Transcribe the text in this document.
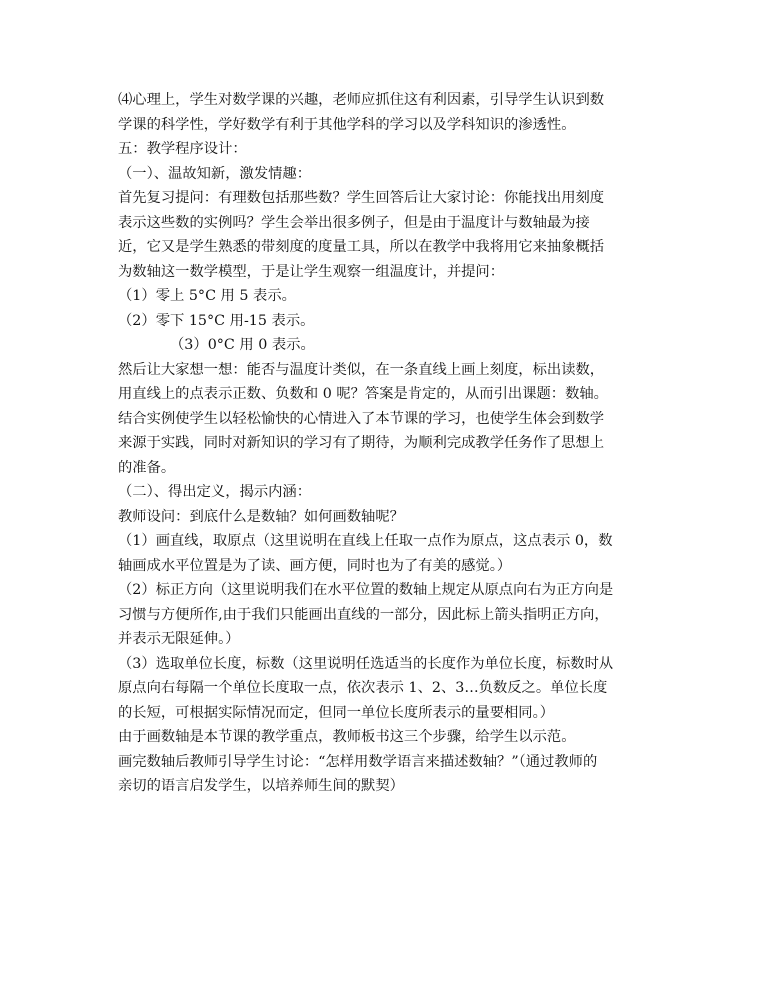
⑷心理上，学生对数学课的兴趣，老师应抓住这有利因素，引导学生认识到数
学课的科学性，学好数学有利于其他学科的学习以及学科知识的渗透性。
五：教学程序设计：
（一）、温故知新，激发情趣：
首先复习提问：有理数包括那些数？学生回答后让大家讨论：你能找出用刻度
表示这些数的实例吗？学生会举出很多例子，但是由于温度计与数轴最为接
近，它又是学生熟悉的带刻度的度量工具，所以在教学中我将用它来抽象概括
为数轴这一数学模型，于是让学生观察一组温度计，并提问：
（1）零上 5°C 用 5 表示。
（2）零下 15°C 用-15 表示。
（3）0°C 用 0 表示。
然后让大家想一想：能否与温度计类似，在一条直线上画上刻度，标出读数，
用直线上的点表示正数、负数和 0 呢？答案是肯定的，从而引出课题：数轴。
结合实例使学生以轻松愉快的心情进入了本节课的学习，也使学生体会到数学
来源于实践，同时对新知识的学习有了期待，为顺利完成教学任务作了思想上
的准备。
（二）、得出定义，揭示内涵：
教师设问：到底什么是数轴？如何画数轴呢？
（1）画直线，取原点（这里说明在直线上任取一点作为原点，这点表示 0，数
轴画成水平位置是为了读、画方便，同时也为了有美的感觉。）
（2）标正方向（这里说明我们在水平位置的数轴上规定从原点向右为正方向是
习惯与方便所作,由于我们只能画出直线的一部分，因此标上箭头指明正方向，
并表示无限延伸。）
（3）选取单位长度，标数（这里说明任选适当的长度作为单位长度，标数时从
原点向右每隔一个单位长度取一点，依次表示 1、2、3…负数反之。单位长度
的长短，可根据实际情况而定，但同一单位长度所表示的量要相同。）
由于画数轴是本节课的教学重点，教师板书这三个步骤，给学生以示范。
画完数轴后教师引导学生讨论：“怎样用数学语言来描述数轴？”（通过教师的
亲切的语言启发学生，以培养师生间的默契）
